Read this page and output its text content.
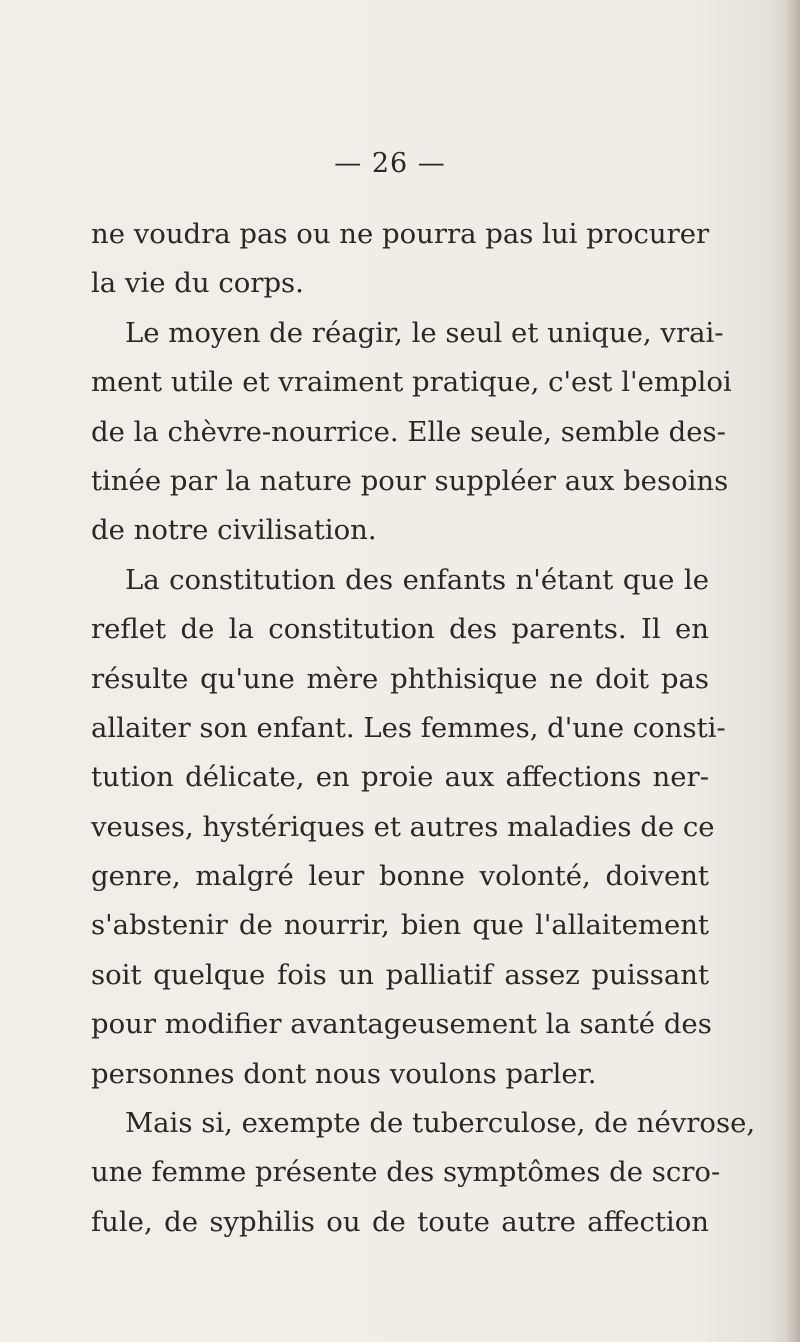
— 26 —
ne voudra pas ou ne pourra pas lui procurer
la vie du corps.
Le moyen de réagir, le seul et unique, vrai-
ment utile et vraiment pratique, c'est l'emploi
de la chèvre-nourrice. Elle seule, semble des-
tinée par la nature pour suppléer aux besoins
de notre civilisation.
La constitution des enfants n'étant que le
reflet de la constitution des parents. Il en
résulte qu'une mère phthisique ne doit pas
allaiter son enfant. Les femmes, d'une consti-
tution délicate, en proie aux affections ner-
veuses, hystériques et autres maladies de ce
genre, malgré leur bonne volonté, doivent
s'abstenir de nourrir, bien que l'allaitement
soit quelque fois un palliatif assez puissant
pour modifier avantageusement la santé des
personnes dont nous voulons parler.
Mais si, exempte de tuberculose, de névrose,
une femme présente des symptômes de scro-
fule, de syphilis ou de toute autre affection
